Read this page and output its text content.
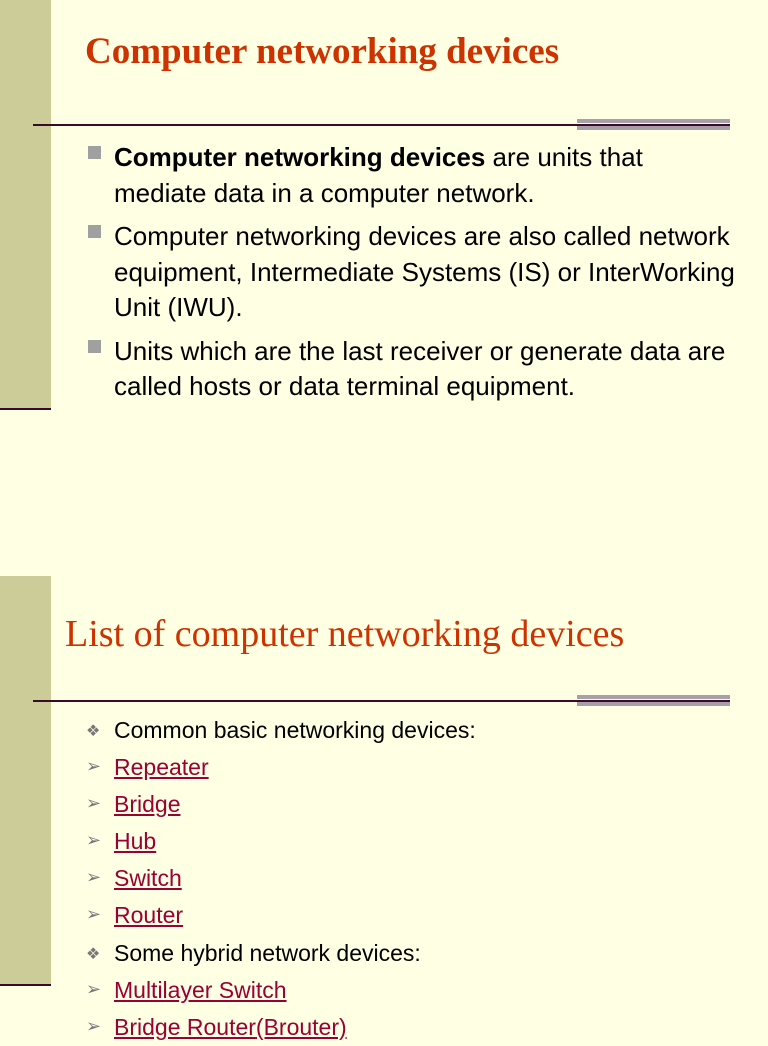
Computer networking devices
Computer networking devices are units that mediate data in a computer network.
Computer networking devices are also called network equipment, Intermediate Systems (IS) or InterWorking Unit (IWU).
Units which are the last receiver or generate data are called hosts or data terminal equipment.
List of computer networking devices
❖ Common basic networking devices:
➢ Repeater
➢ Bridge
➢ Hub
➢ Switch
➢ Router
❖ Some hybrid network devices:
➢ Multilayer Switch
➢ Bridge Router(Brouter)
